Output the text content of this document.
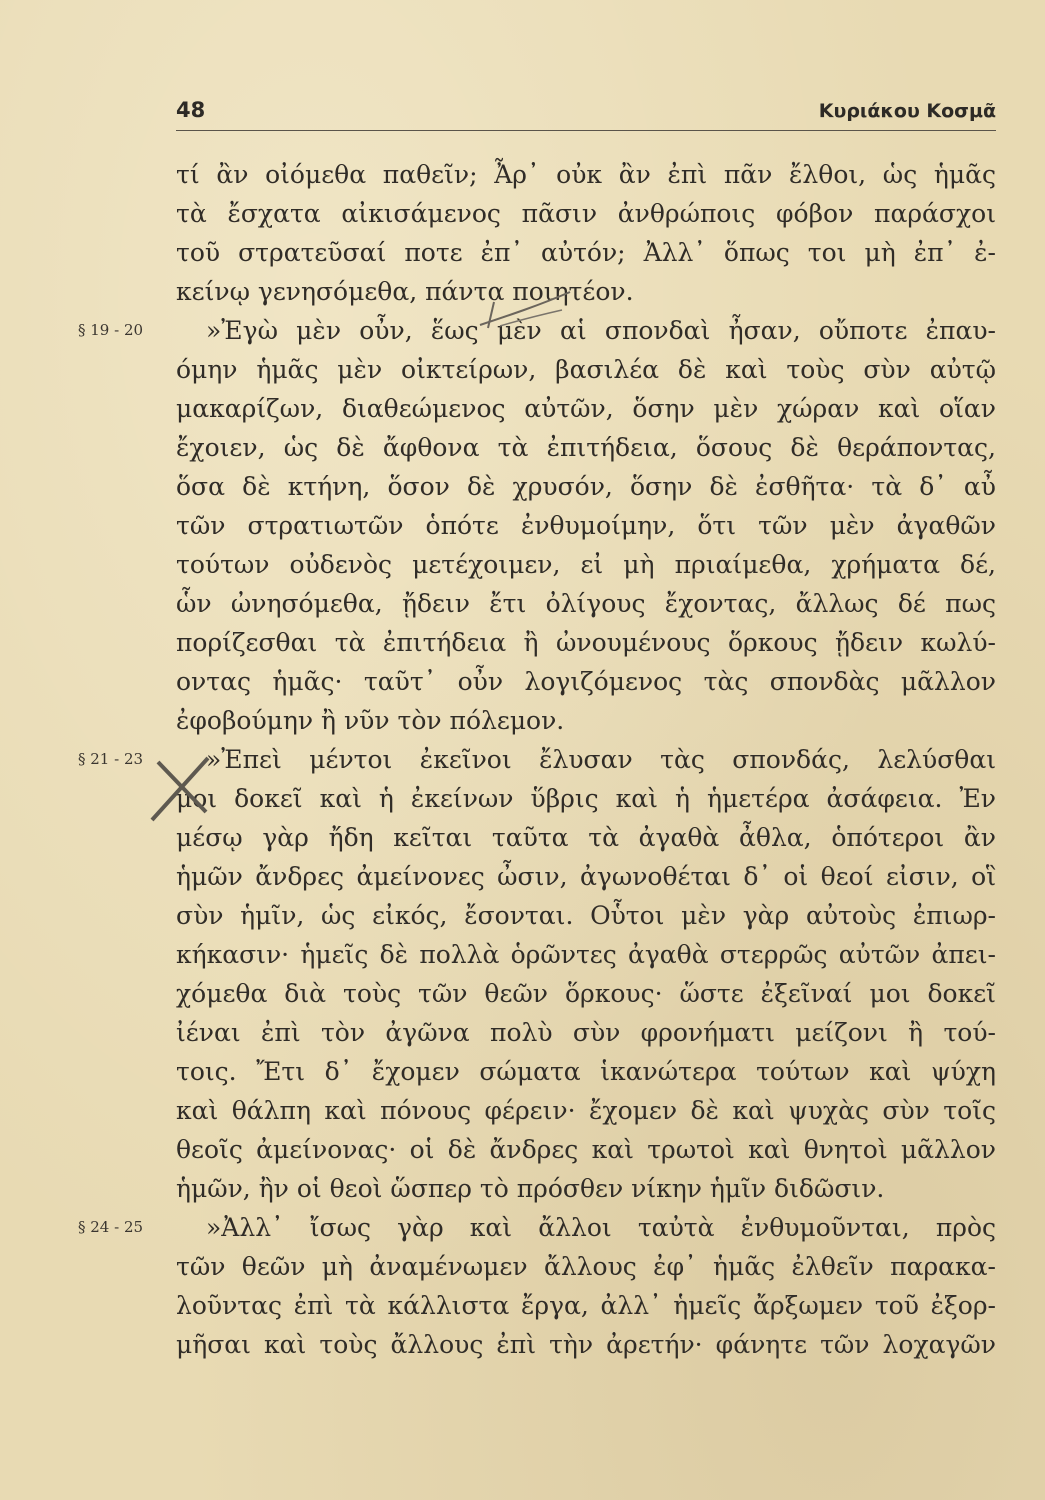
48	Κυριάκου Κοσμᾶ
τί ἂν οἰόμεθα παθεῖν; Ἆρ᾽ οὐκ ἂν ἐπὶ πᾶν ἔλθοι, ὡς ἡμᾶς
τὰ ἔσχατα αἰκισάμενος πᾶσιν ἀνθρώποις φόβον παράσχοι
τοῦ στρατεῦσαί ποτε ἐπ᾽ αὐτόν; Ἀλλ᾽ ὅπως τοι μὴ ἐπ᾽ ἐ-
κείνῳ γενησόμεθα, πάντα ποιητέον.
§ 19 - 20	»Ἐγὼ μὲν οὖν, ἕως μὲν αἱ σπονδαὶ ἦσαν, οὔποτε ἐπαυ-
όμην ἡμᾶς μὲν οἰκτείρων, βασιλέα δὲ καὶ τοὺς σὺν αὐτῷ
μακαρίζων, διαθεώμενος αὐτῶν, ὅσην μὲν χώραν καὶ οἵαν
ἔχοιεν, ὡς δὲ ἄφθονα τὰ ἐπιτήδεια, ὅσους δὲ θεράποντας,
ὅσα δὲ κτήνη, ὅσον δὲ χρυσόν, ὅσην δὲ ἐσθῆτα· τὰ δ᾽ αὖ
τῶν στρατιωτῶν ὁπότε ἐνθυμοίμην, ὅτι τῶν μὲν ἀγαθῶν
τούτων οὐδενὸς μετέχοιμεν, εἰ μὴ πριαίμεθα, χρήματα δέ,
ὧν ὠνησόμεθα, ᾔδειν ἔτι ὀλίγους ἔχοντας, ἄλλως δέ πως
πορίζεσθαι τὰ ἐπιτήδεια ἢ ὠνουμένους ὅρκους ᾔδειν κωλύ-
οντας ἡμᾶς· ταῦτ᾽ οὖν λογιζόμενος τὰς σπονδὰς μᾶλλον
ἐφοβούμην ἢ νῦν τὸν πόλεμον.
§ 21 - 23	»Ἐπεὶ μέντοι ἐκεῖνοι ἔλυσαν τὰς σπονδάς, λελύσθαι
μοι δοκεῖ καὶ ἡ ἐκείνων ὕβρις καὶ ἡ ἡμετέρα ἀσάφεια. Ἐν
μέσῳ γὰρ ἤδη κεῖται ταῦτα τὰ ἀγαθὰ ἆθλα, ὁπότεροι ἂν
ἡμῶν ἄνδρες ἀμείνονες ὦσιν, ἀγωνοθέται δ᾽ οἱ θεοί εἰσιν, οἳ
σὺν ἡμῖν, ὡς εἰκός, ἔσονται. Οὗτοι μὲν γὰρ αὐτοὺς ἐπιωρ-
κήκασιν· ἡμεῖς δὲ πολλὰ ὁρῶντες ἀγαθὰ στερρῶς αὐτῶν ἀπει-
χόμεθα διὰ τοὺς τῶν θεῶν ὅρκους· ὥστε ἐξεῖναί μοι δοκεῖ
ἰέναι ἐπὶ τὸν ἀγῶνα πολὺ σὺν φρονήματι μείζονι ἢ τού-
τοις. Ἔτι δ᾽ ἔχομεν σώματα ἱκανώτερα τούτων καὶ ψύχη
καὶ θάλπη καὶ πόνους φέρειν· ἔχομεν δὲ καὶ ψυχὰς σὺν τοῖς
θεοῖς ἀμείνονας· οἱ δὲ ἄνδρες καὶ τρωτοὶ καὶ θνητοὶ μᾶλλον
ἡμῶν, ἢν οἱ θεοὶ ὥσπερ τὸ πρόσθεν νίκην ἡμῖν διδῶσιν.
§ 24 - 25	»Ἀλλ᾽ ἴσως γὰρ καὶ ἄλλοι ταὐτὰ ἐνθυμοῦνται, πρὸς
τῶν θεῶν μὴ ἀναμένωμεν ἄλλους ἐφ᾽ ἡμᾶς ἐλθεῖν παρακα-
λοῦντας ἐπὶ τὰ κάλλιστα ἔργα, ἀλλ᾽ ἡμεῖς ἄρξωμεν τοῦ ἐξορ-
μῆσαι καὶ τοὺς ἄλλους ἐπὶ τὴν ἀρετήν· φάνητε τῶν λοχαγῶν
